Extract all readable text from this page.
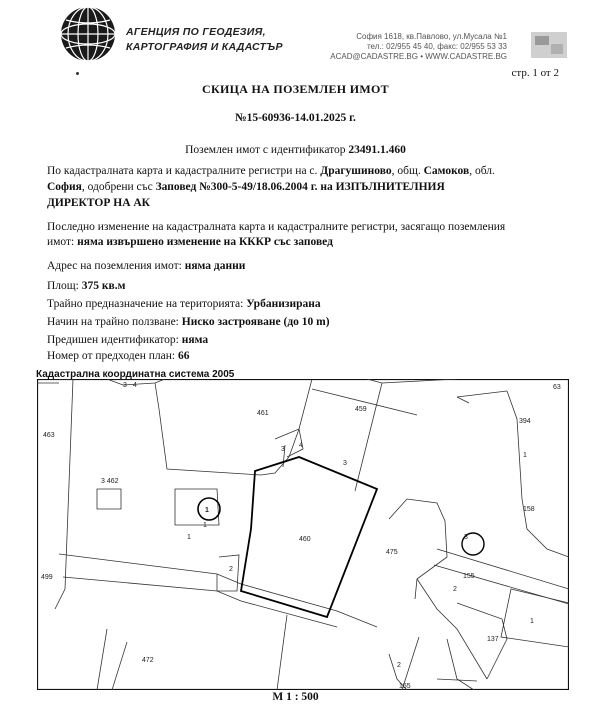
АГЕНЦИЯ ПО ГЕОДЕЗИЯ,
КАРТОГРАФИЯ И КАДАСТЪР
София 1618, кв.Павлово, ул.Мусала №1
тел.: 02/955 45 40, факс: 02/955 53 33
ACAD@CADASTRE.BG • WWW.CADASTRE.BG
стр. 1 от 2
СКИЦА НА ПОЗЕМЛЕН ИМОТ
№15-60936-14.01.2025 г.
Поземлен имот с идентификатор 23491.1.460
По кадастралната карта и кадастралните регистри на с. Драгушиново, общ. Самоков, обл.
София, одобрени със Заповед №300-5-49/18.06.2004 г. на ИЗПЪЛНИТЕЛНИЯ
ДИРЕКТОР НА АК
Последно изменение на кадастралната карта и кадастралните регистри, засягащо поземления
имот: няма извършено изменение на КККР със заповед
Адрес на поземления имот: няма данни
Площ: 375 кв.м
Трайно предназначение на територията: Урбанизирана
Начин на трайно ползване: Ниско застрояване (до 10 m)
Предишен идентификатор: няма
Номер от предходен план: 66
Кадастрална координатна система 2005
461
463
459
394
63
4
3 462
1
1
3
4
3
1
158
460
475
3
499
2
155
2
1
137
472
2
155
3
1
M 1 : 500
